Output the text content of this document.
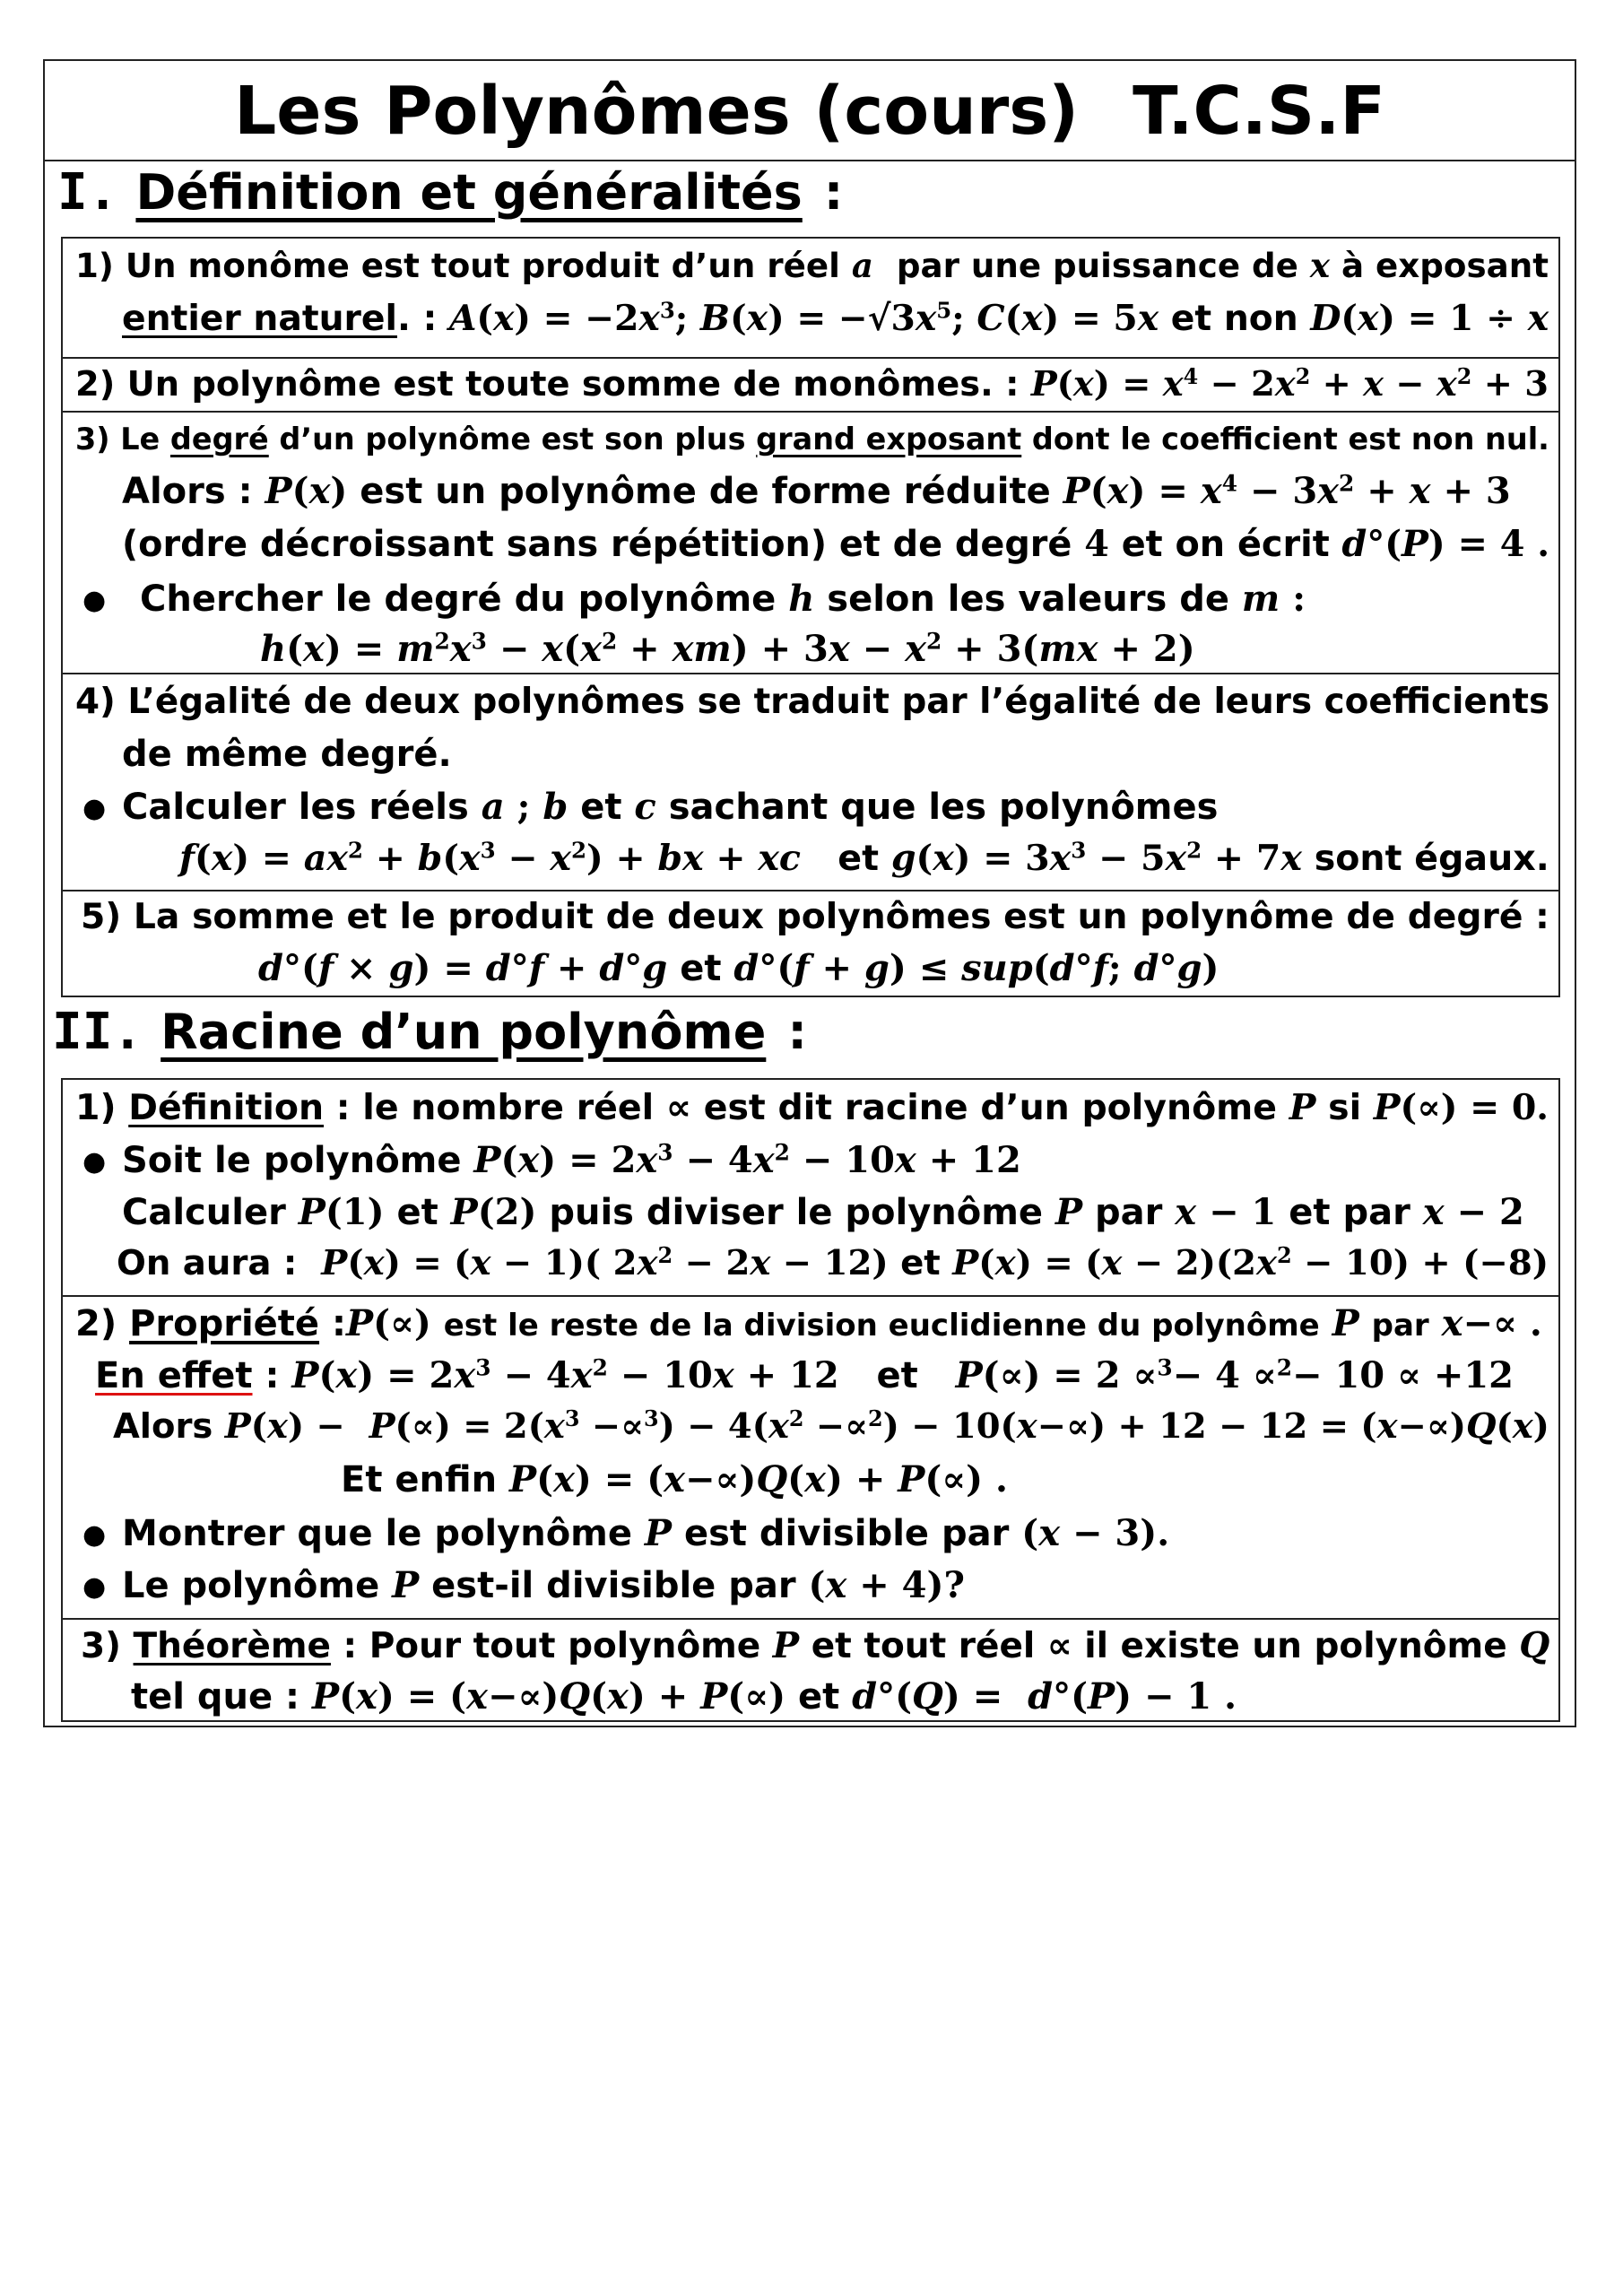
Les Polynômes (cours) T.C.S.F
I. Définition et généralités :
1) Un monôme est tout produit d’un réel a par une puissance de x à exposant
entier naturel. : $A(x) = -2x^3$; $B(x) = -√3x^5$; C(x) = 5x et non D(x) = 1 ÷ x
2) Un polynôme est toute somme de monômes. : $P(x) = x^4 - 2x^2 + x - x^2 + 3$
3) Le degré d’un polynôme est son plus grand exposant dont le coefficient est non nul.
Alors : P(x) est un polynôme de forme réduite $P(x) = x^4 - 3x^2 + x + 3$
(ordre décroissant sans répétition) et de degré 4 et on écrit d°(P) = 4 .
● Chercher le degré du polynôme h selon les valeurs de m :
$h(x) = m^2x^3 - x(x^2 + xm) + 3x - x^2 + 3(mx + 2)$
4) L’égalité de deux polynômes se traduit par l’égalité de leurs coefficients
de même degré.
● Calculer les réels a ; b et c sachant que les polynômes
$f(x) = ax^2 + b(x^3 - x^2)$ + bx + xc et $g(x) = 3x^3 - 5x^2 + 7x$ sont égaux.
5) La somme et le produit de deux polynômes est un polynôme de degré :
d°(f × g) = d°f + d°g et d°(f + g) ≤ sup(d°f; d°g)
II. Racine d’un polynôme :
1) Définition : le nombre réel ∝ est dit racine d’un polynôme P si P(∝) = 0.
● Soit le polynôme $P(x) = 2x^3 - 4x^2 - 10x + 12$
Calculer P(1) et P(2) puis diviser le polynôme P par x − 1 et par x − 2
On aura : P(x) = (x − 1)( $2x^2 - 2x - 12$) et $P(x) = (x - 2)(2x^2 - 10) + (-8)$
2) Propriété :P(∝) est le reste de la division euclidienne du polynôme P par x−∝ .
En effet : $P(x) = 2x^3 - 4x^2 - 10x + 12$ et P(∝) = 2 ∝$^3$− 4 ∝$^2$− 10 ∝ +12
Alors $P(x) - P(\propto) = 2(x^3 -\propto^3) - 4(x^2 -\propto^2) - 10(x-\propto) + 12 - 12 = (x-\propto)Q(x)$
Et enfin P(x) = (x−∝)Q(x) + P(∝) .
● Montrer que le polynôme P est divisible par (x − 3).
● Le polynôme P est-il divisible par (x + 4)?
3) Théorème : Pour tout polynôme P et tout réel ∝ il existe un polynôme Q
tel que : P(x) = (x−∝)Q(x) + P(∝) et d°(Q) =  d°(P) − 1 .
